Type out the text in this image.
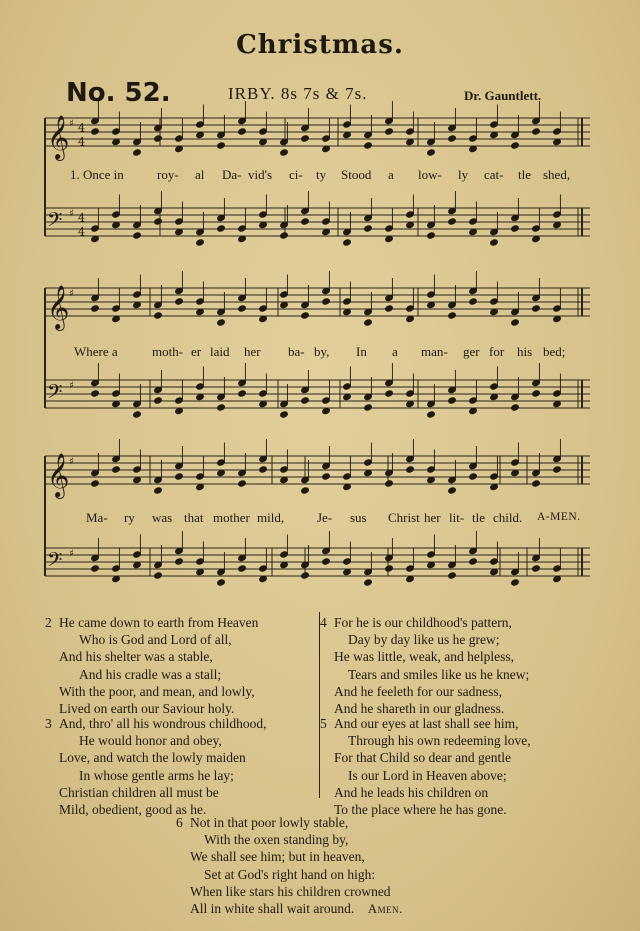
Christmas.
No. 52.	IRBY. 8s 7s & 7s.	Dr. Gauntlett.
𝄞 ♯ 4
4
𝄢 ♯ 4
4
𝄞 ♯
𝄢 ♯
𝄞 ♯
𝄢 ♯
1. Once in	roy- al Da- vid's ci- ty Stood a low- ly cat- tle shed,
Where a	moth- er laid her ba- by, In a man- ger for his bed;
Ma- ry was that mother mild,	Je- sus Christ her lit- tle child. A-MEN.
2 He came down to earth from Heaven
Who is God and Lord of all,
And his shelter was a stable,
And his cradle was a stall;
With the poor, and mean, and lowly,
Lived on earth our Saviour holy.
3 And, thro' all his wondrous childhood,
He would honor and obey,
Love, and watch the lowly maiden
In whose gentle arms he lay;
Christian children all must be
Mild, obedient, good as he.
4 For he is our childhood's pattern,
Day by day like us he grew;
He was little, weak, and helpless,
Tears and smiles like us he knew;
And he feeleth for our sadness,
And he shareth in our gladness.
5 And our eyes at last shall see him,
Through his own redeeming love,
For that Child so dear and gentle
Is our Lord in Heaven above;
And he leads his children on
To the place where he has gone.
6 Not in that poor lowly stable,
With the oxen standing by,
We shall see him; but in heaven,
Set at God's right hand on high:
When like stars his children crowned
All in white shall wait around. Amen.
